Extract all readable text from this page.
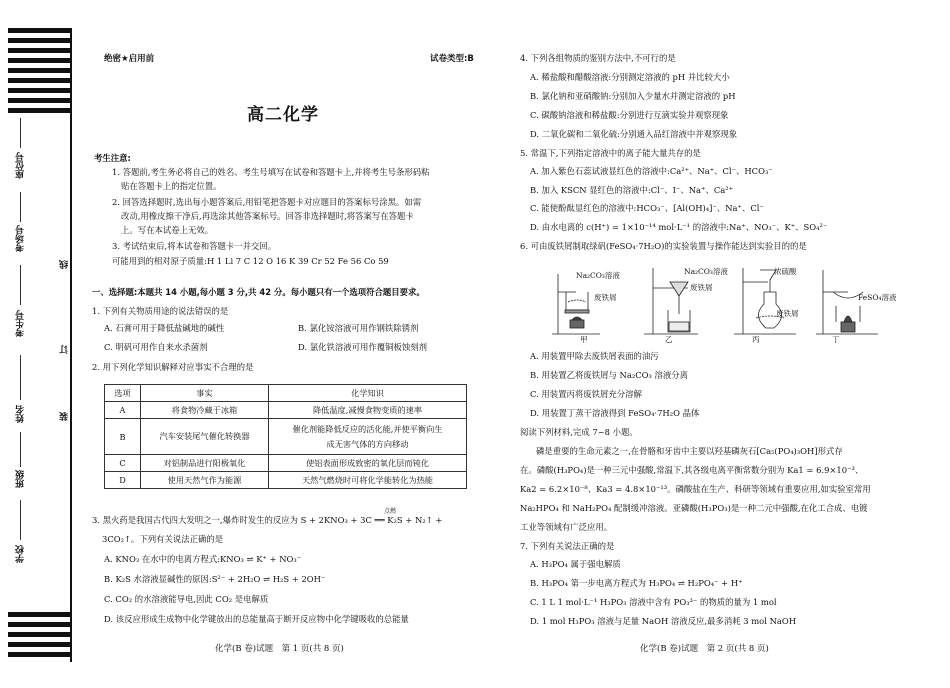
座位号
考场号
考生号
姓名
班级
学校
线
订
装
绝密★启用前	试卷类型:B
高二化学
考生注意:
1. 答题前,考生务必将自己的姓名、考生号填写在试卷和答题卡上,并将考生号条形码粘
贴在答题卡上的指定位置。
2. 回答选择题时,选出每小题答案后,用铅笔把答题卡对应题目的答案标号涂黑。如需
改动,用橡皮擦干净后,再选涂其他答案标号。回答非选择题时,将答案写在答题卡
上。写在本试卷上无效。
3. 考试结束后,将本试卷和答题卡一并交回。
可能用到的相对原子质量:H 1 Li 7 C 12 O 16 K 39 Cr 52 Fe 56 Co 59
一、选择题:本题共 14 小题,每小题 3 分,共 42 分。每小题只有一个选项符合题目要求。
1. 下列有关物质用途的说法错误的是
A. 石膏可用于降低盐碱地的碱性	B. 氯化铵溶液可用作钢铁除锈剂
C. 明矾可用作自来水杀菌剂	D. 氯化铁溶液可用作覆铜板蚀刻剂
2. 用下列化学知识解释对应事实不合理的是
选项	事实	化学知识
A	将食物冷藏于冰箱	降低温度,减慢食物变质的速率
B	汽车安装尾气催化转换器	催化剂能降低反应的活化能,并使平衡向生成无害气体的方向移动
C	对铝制品进行阳极氧化	使铝表面形成致密的氧化层而钝化
D	使用天然气作为能源	天然气燃烧时可将化学能转化为热能
3. 黑火药是我国古代四大发明之一,爆炸时发生的反应为 S + 2KNO₃ + 3C ══ K₂S + N₂↑ +
点燃
3CO₂↑。下列有关说法正确的是
A. KNO₃ 在水中的电离方程式:KNO₃ ⇌ K⁺ + NO₃⁻
B. K₂S 水溶液显碱性的原因:S²⁻ + 2H₂O ⇌ H₂S + 2OH⁻
C. CO₂ 的水溶液能导电,因此 CO₂ 是电解质
D. 该反应形成生成物中化学键放出的总能量高于断开反应物中化学键吸收的总能量
化学(B 卷)试题　第 1 页(共 8 页)
4. 下列各组物质的鉴别方法中,不可行的是
A. 稀盐酸和醋酸溶液:分别测定溶液的 pH 并比较大小
B. 氯化钠和亚硝酸钠:分别加入少量水并测定溶液的 pH
C. 碳酸钠溶液和稀盐酸:分别进行互滴实验并观察现象
D. 二氧化碳和二氧化硫:分别通入品红溶液中并观察现象
5. 常温下,下列指定溶液中的离子能大量共存的是
A. 加入紫色石蕊试液显红色的溶液中:Ca²⁺、Na⁺、Cl⁻、HCO₃⁻
B. 加入 KSCN 显红色的溶液中:Cl⁻、I⁻、Na⁺、Ca²⁺
C. 能使酚酞显红色的溶液中:HCO₃⁻、[Al(OH)₄]⁻、Na⁺、Cl⁻
D. 由水电离的 c(H⁺) = 1×10⁻¹⁴ mol·L⁻¹ 的溶液中:Na⁺、NO₃⁻、K⁺、SO₄²⁻
6. 可由废铁屑制取绿矾(FeSO₄·7H₂O)的实验装置与操作能达到实验目的的是
Na₂CO₃溶液
废铁屑
Na₂CO₃溶液
废铁屑
浓硫酸
废铁屑
FeSO₄溶液
甲	乙	丙	丁
A. 用装置甲除去废铁屑表面的油污
B. 用装置乙将废铁屑与 Na₂CO₃ 溶液分离
C. 用装置丙将废铁屑充分溶解
D. 用装置丁蒸干溶液得到 FeSO₄·7H₂O 晶体
阅读下列材料,完成 7~8 小题。
磷是重要的生命元素之一,在骨骼和牙齿中主要以羟基磷灰石[Ca₅(PO₄)₃OH]形式存
在。磷酸(H₃PO₄)是一种三元中强酸,常温下,其各级电离平衡常数分别为 Ka1 = 6.9×10⁻³、
Ka2 = 6.2×10⁻⁸、Ka3 = 4.8×10⁻¹³。磷酸盐在生产、科研等领域有重要应用,如实验室常用
Na₂HPO₄ 和 NaH₂PO₄ 配制缓冲溶液。亚磷酸(H₃PO₃)是一种二元中强酸,在化工合成、电镀
工业等领域有广泛应用。
7. 下列有关说法正确的是
A. H₃PO₄ 属于强电解质
B. H₃PO₄ 第一步电离方程式为 H₃PO₄ ⇌ H₂PO₄⁻ + H⁺
C. 1 L 1 mol·L⁻¹ H₃PO₃ 溶液中含有 PO₃³⁻ 的物质的量为 1 mol
D. 1 mol H₃PO₃ 溶液与足量 NaOH 溶液反应,最多消耗 3 mol NaOH
化学(B 卷)试题　第 2 页(共 8 页)
